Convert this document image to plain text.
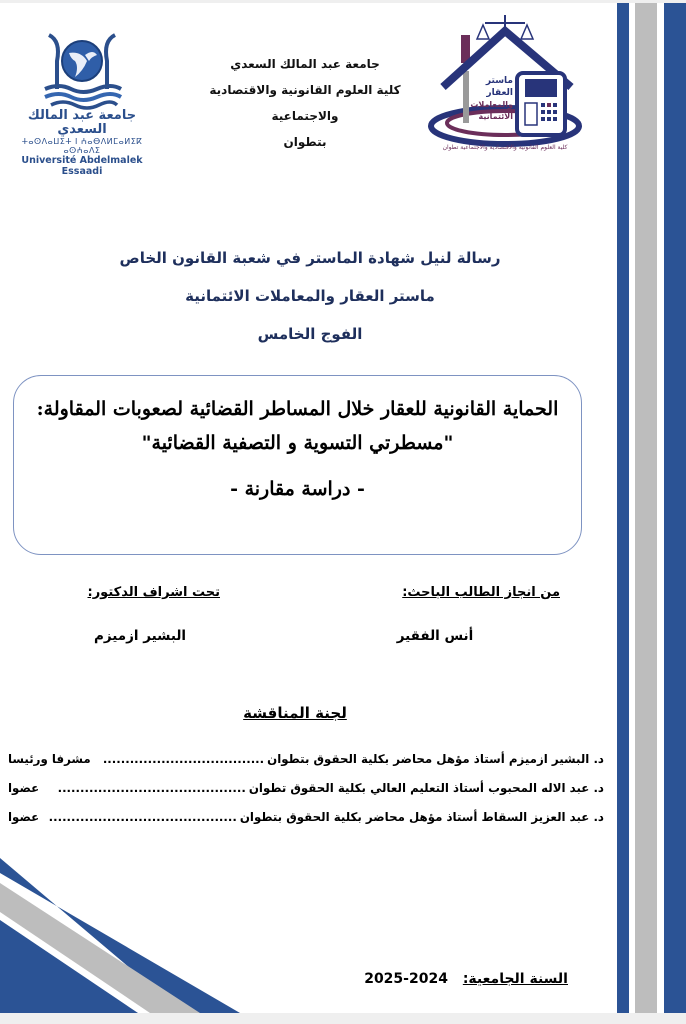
جامعة عبد المالك السعدي
ⵜⴰⵙⴷⴰⵡⵉⵜ ⵏ ⵄⴰⴱⴷⵍⵎⴰⵍⵉⴽ ⴰⵙⵄⴰⴷⵉ
Université Abdelmalek Essaadi
جامعة عبد المالك السعدي
كلية العلوم القانونية والاقتصادية والاجتماعية
بتطوان
ماستر
العقار
والمعاملات
الائتمانية
كلية العلوم القانونية والاقتصادية والاجتماعية تطوان
رسالة لنيل شهادة الماستر في شعبة القانون الخاص
ماستر العقار والمعاملات الائتمانية
الفوج الخامس
الحماية القانونية للعقار خلال المساطر القضائية لصعوبات المقاولة:
"مسطرتي التسوية و التصفية القضائية"
- دراسة مقارنة -
من انجاز الطالب الباحث:
أنس الفقير
تحت اشراف الدكتور:
البشير ازميزم
لجنة المناقشة
د. البشير ازميزم أستاذ مؤهل محاضر بكلية الحقوق بتطوان
....................................
مشرفا ورئيسا
د. عبد الاله المحبوب أستاذ التعليم العالي بكلية الحقوق تطوان
..........................................
عضوا
د. عبد العزيز السقاط أستاذ مؤهل محاضر بكلية الحقوق بتطوان
..........................................
عضوا
السنة الجامعية: 2025-2024
